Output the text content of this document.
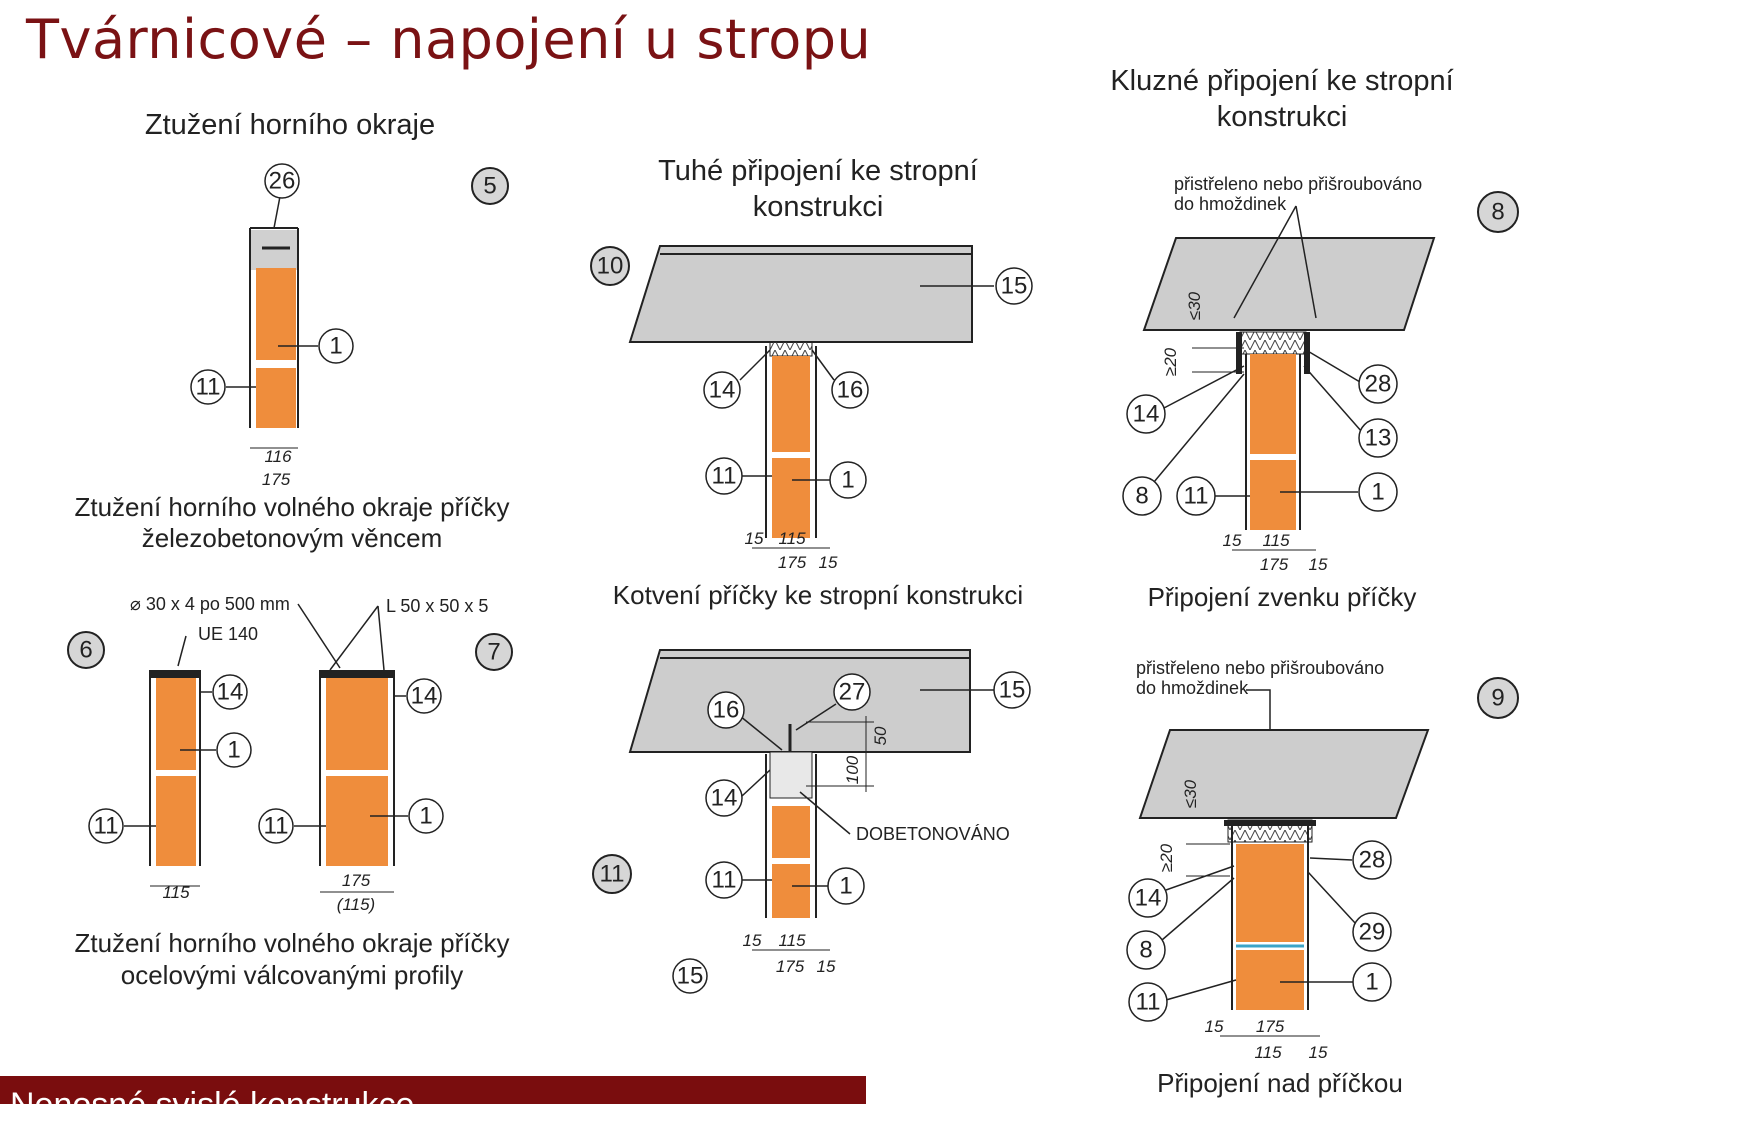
Tvárnicové – napojení u stropu
Ztužení horního okraje
5
26
1
11
116
175
Ztužení horního volného okraje příčky
železobetonovým věncem
⌀ 30 x 4 po 500 mm
UE 140
L 50 x 50 x 5
6	7
14
1
11
115
14
1
11
175
(115)
Ztužení horního volného okraje příčky
ocelovými válcovanými profily
Tuhé připojení ke stropní
konstrukci
10
15
14	16
11	1
15 115
175 15
Kotvení příčky ke stropní konstrukci
16
27	15
50
100
14
DOBETONOVÁNO
11	1
15 115
175 15
11
15
Kluzné připojení ke stropní
konstrukci
přistřeleno nebo přišroubováno
do hmoždinek	8
≤30
≥20
28
14
13
8 11	1
15 115
175 15
Připojení zvenku příčky
přistřeleno nebo přišroubováno
do hmoždinek	9
≤30
≥20	28
14
29
8
1
11
15 175
115 15
Připojení nad příčkou
Nenosné svislé konstrukce
